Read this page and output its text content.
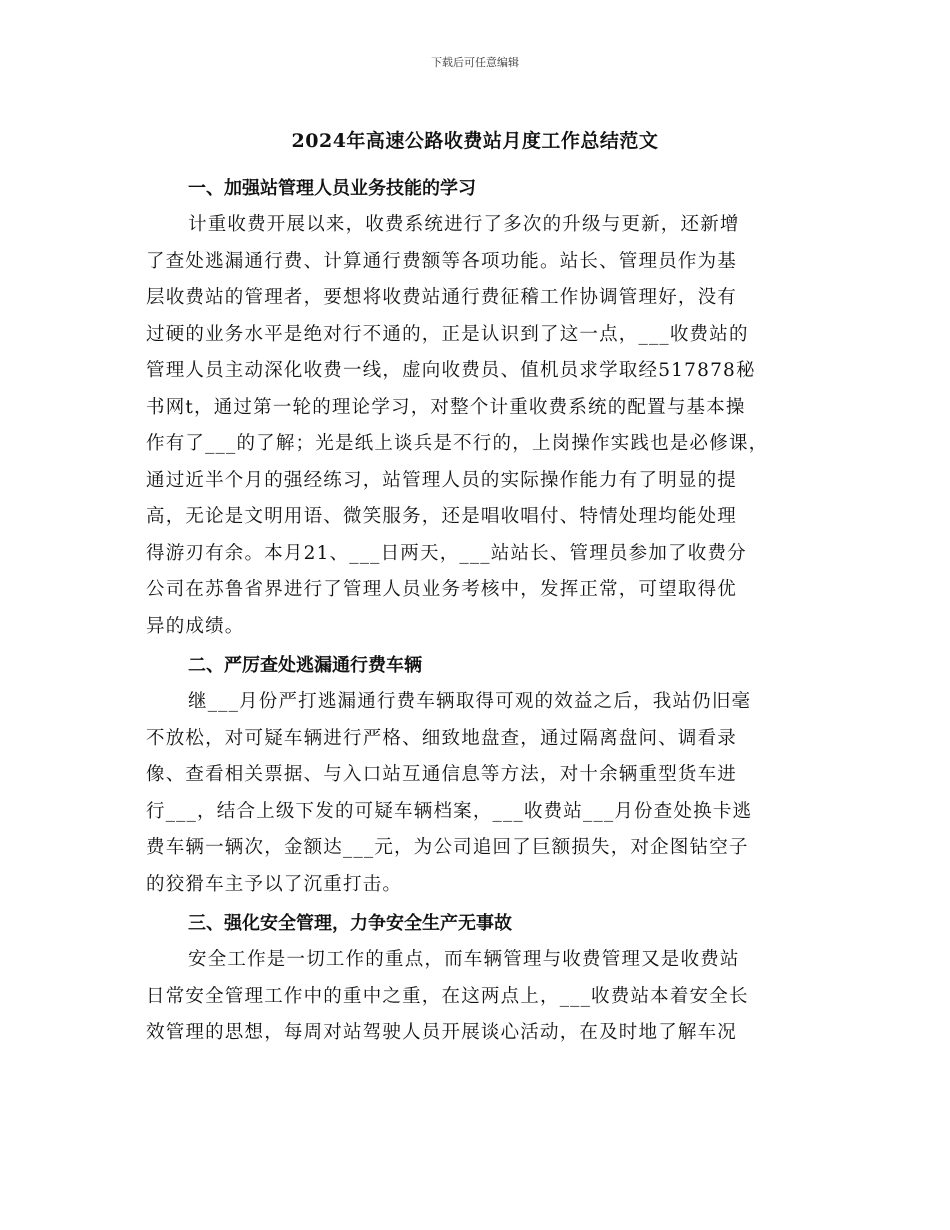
下载后可任意编辑
2024年高速公路收费站月度工作总结范文
一、加强站管理人员业务技能的学习
计重收费开展以来，收费系统进行了多次的升级与更新，还新增
了查处逃漏通行费、计算通行费额等各项功能。站长、管理员作为基
层收费站的管理者，要想将收费站通行费征稽工作协调管理好，没有
过硬的业务水平是绝对行不通的，正是认识到了这一点，___收费站的
管理人员主动深化收费一线，虚向收费员、值机员求学取经517878秘
书网t，通过第一轮的理论学习，对整个计重收费系统的配置与基本操
作有了___的了解；光是纸上谈兵是不行的，上岗操作实践也是必修课，
通过近半个月的强经练习，站管理人员的实际操作能力有了明显的提
高，无论是文明用语、微笑服务，还是唱收唱付、特情处理均能处理
得游刃有余。本月21、___日两天，___站站长、管理员参加了收费分
公司在苏鲁省界进行了管理人员业务考核中，发挥正常，可望取得优
异的成绩。
二、严厉查处逃漏通行费车辆
继___月份严打逃漏通行费车辆取得可观的效益之后，我站仍旧毫
不放松，对可疑车辆进行严格、细致地盘查，通过隔离盘问、调看录
像、查看相关票据、与入口站互通信息等方法，对十余辆重型货车进
行___，结合上级下发的可疑车辆档案，___收费站___月份查处换卡逃
费车辆一辆次，金额达___元，为公司追回了巨额损失，对企图钻空子
的狡猾车主予以了沉重打击。
三、强化安全管理，力争安全生产无事故
安全工作是一切工作的重点，而车辆管理与收费管理又是收费站
日常安全管理工作中的重中之重，在这两点上，___收费站本着安全长
效管理的思想，每周对站驾驶人员开展谈心活动，在及时地了解车况
